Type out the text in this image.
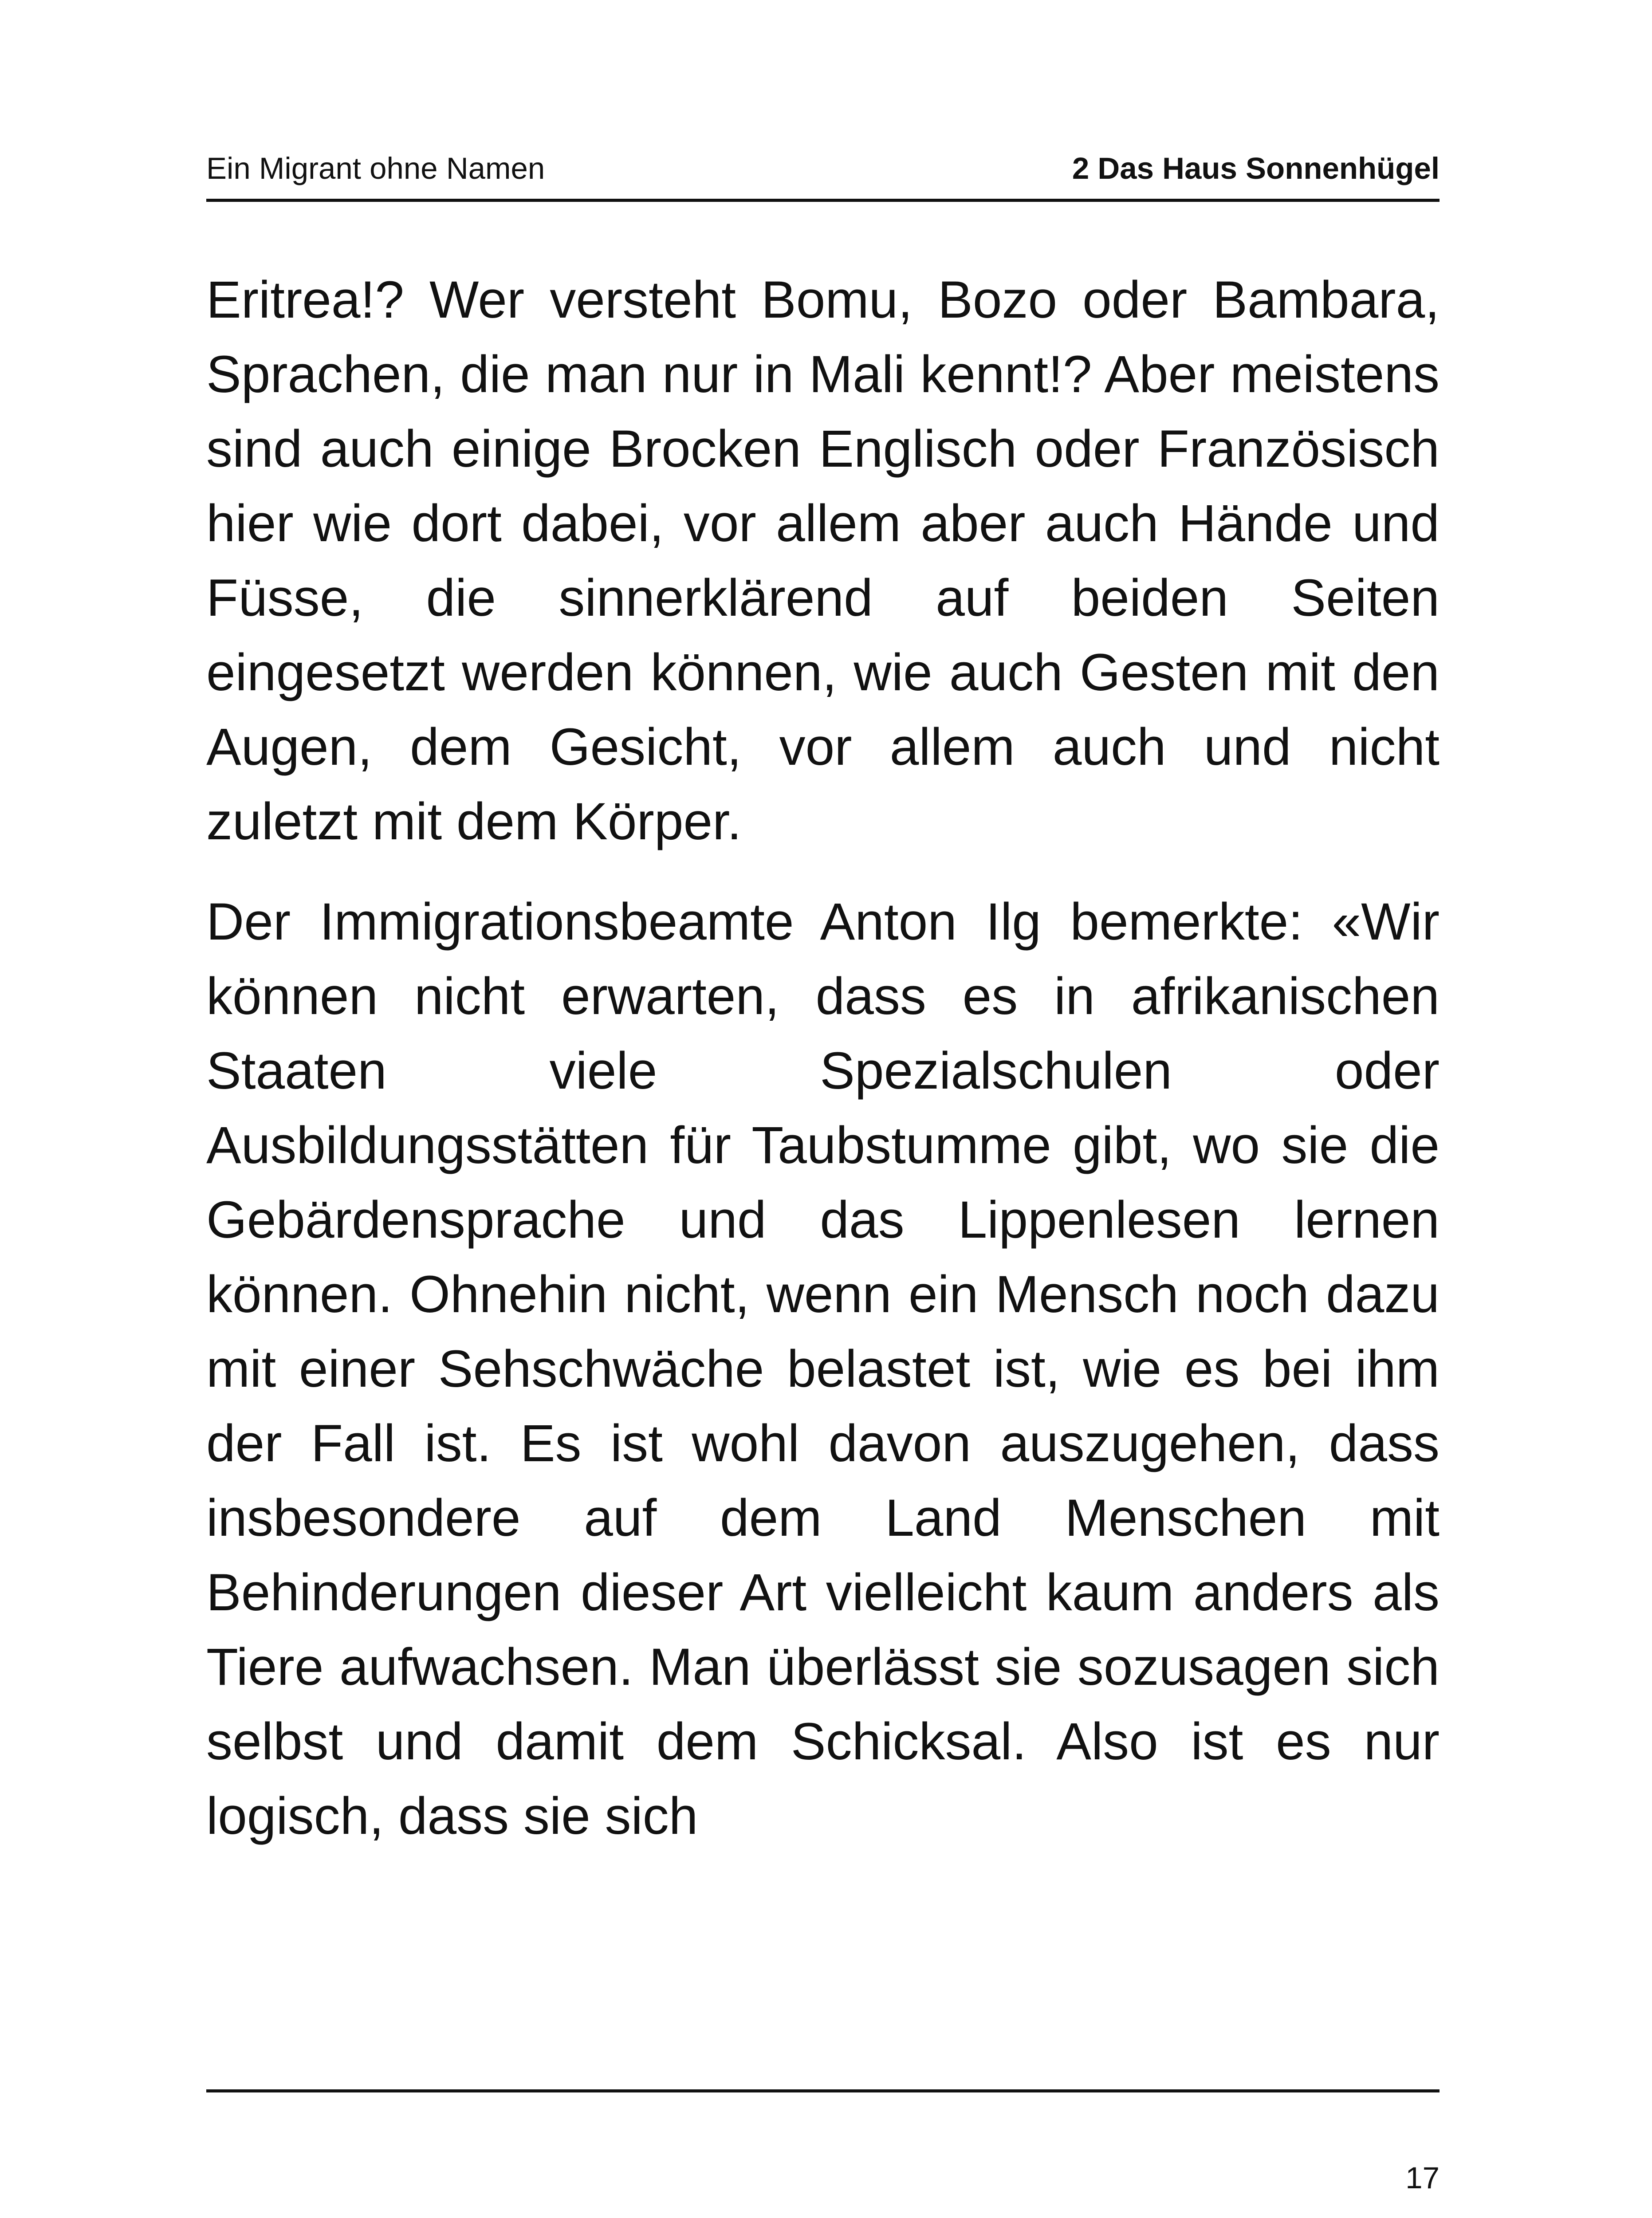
Ein Migrant ohne Namen	2 Das Haus Sonnenhügel

Eritrea!? Wer versteht Bomu, Bozo oder Bambara, Sprachen, die man nur in Mali kennt!? Aber meistens sind auch einige Brocken Englisch oder Französisch hier wie dort dabei, vor allem aber auch Hände und Füsse, die sinnerklärend auf beiden Seiten eingesetzt werden können, wie auch Gesten mit den Augen, dem Gesicht, vor allem auch und nicht zuletzt mit dem Körper.

Der Immigrationsbeamte Anton Ilg bemerkte: «Wir können nicht erwarten, dass es in afrikanischen Staaten viele Spezialschulen oder Ausbildungsstätten für Taubstumme gibt, wo sie die Gebärdensprache und das Lippenlesen lernen können. Ohnehin nicht, wenn ein Mensch noch dazu mit einer Sehschwäche belastet ist, wie es bei ihm der Fall ist. Es ist wohl davon auszugehen, dass insbesondere auf dem Land Menschen mit Behinderungen dieser Art vielleicht kaum anders als Tiere aufwachsen. Man überlässt sie sozusagen sich selbst und damit dem Schicksal. Also ist es nur logisch, dass sie sich

17
